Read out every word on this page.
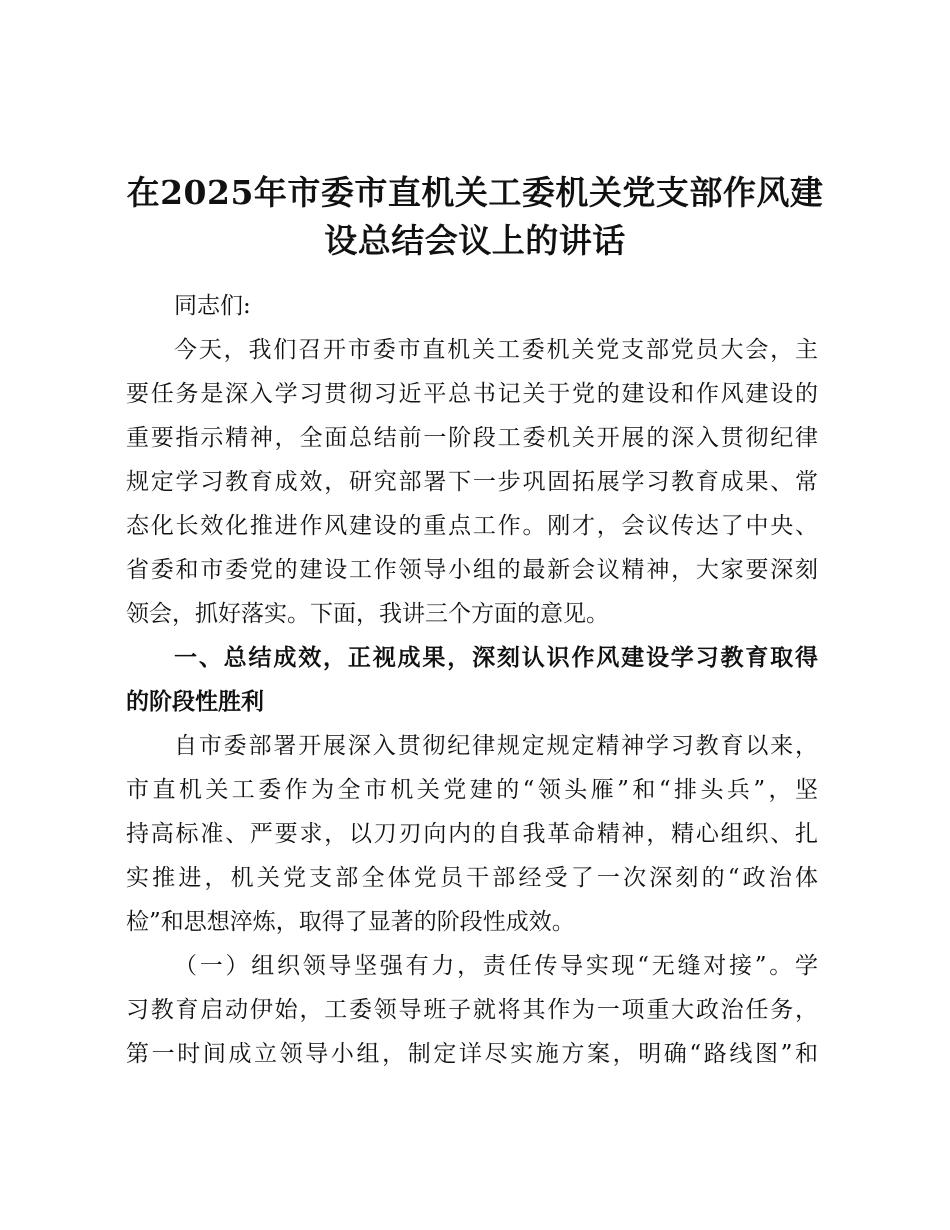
在2025年市委市直机关工委机关党支部作风建
设总结会议上的讲话

同志们:

今天，我们召开市委市直机关工委机关党支部党员大会，主

要任务是深入学习贯彻习近平总书记关于党的建设和作风建设的

重要指示精神，全面总结前一阶段工委机关开展的深入贯彻纪律

规定学习教育成效，研究部署下一步巩固拓展学习教育成果、常

态化长效化推进作风建设的重点工作。刚才，会议传达了中央、

省委和市委党的建设工作领导小组的最新会议精神，大家要深刻

领会，抓好落实。下面，我讲三个方面的意见。

一、总结成效，正视成果，深刻认识作风建设学习教育取得

的阶段性胜利

自市委部署开展深入贯彻纪律规定规定精神学习教育以来，

市直机关工委作为全市机关党建的“领头雁”和“排头兵”，坚

持高标准、严要求，以刀刃向内的自我革命精神，精心组织、扎

实推进，机关党支部全体党员干部经受了一次深刻的“政治体

检”和思想淬炼，取得了显著的阶段性成效。

（一）组织领导坚强有力，责任传导实现“无缝对接”。学

习教育启动伊始，工委领导班子就将其作为一项重大政治任务，

第一时间成立领导小组，制定详尽实施方案，明确“路线图”和
